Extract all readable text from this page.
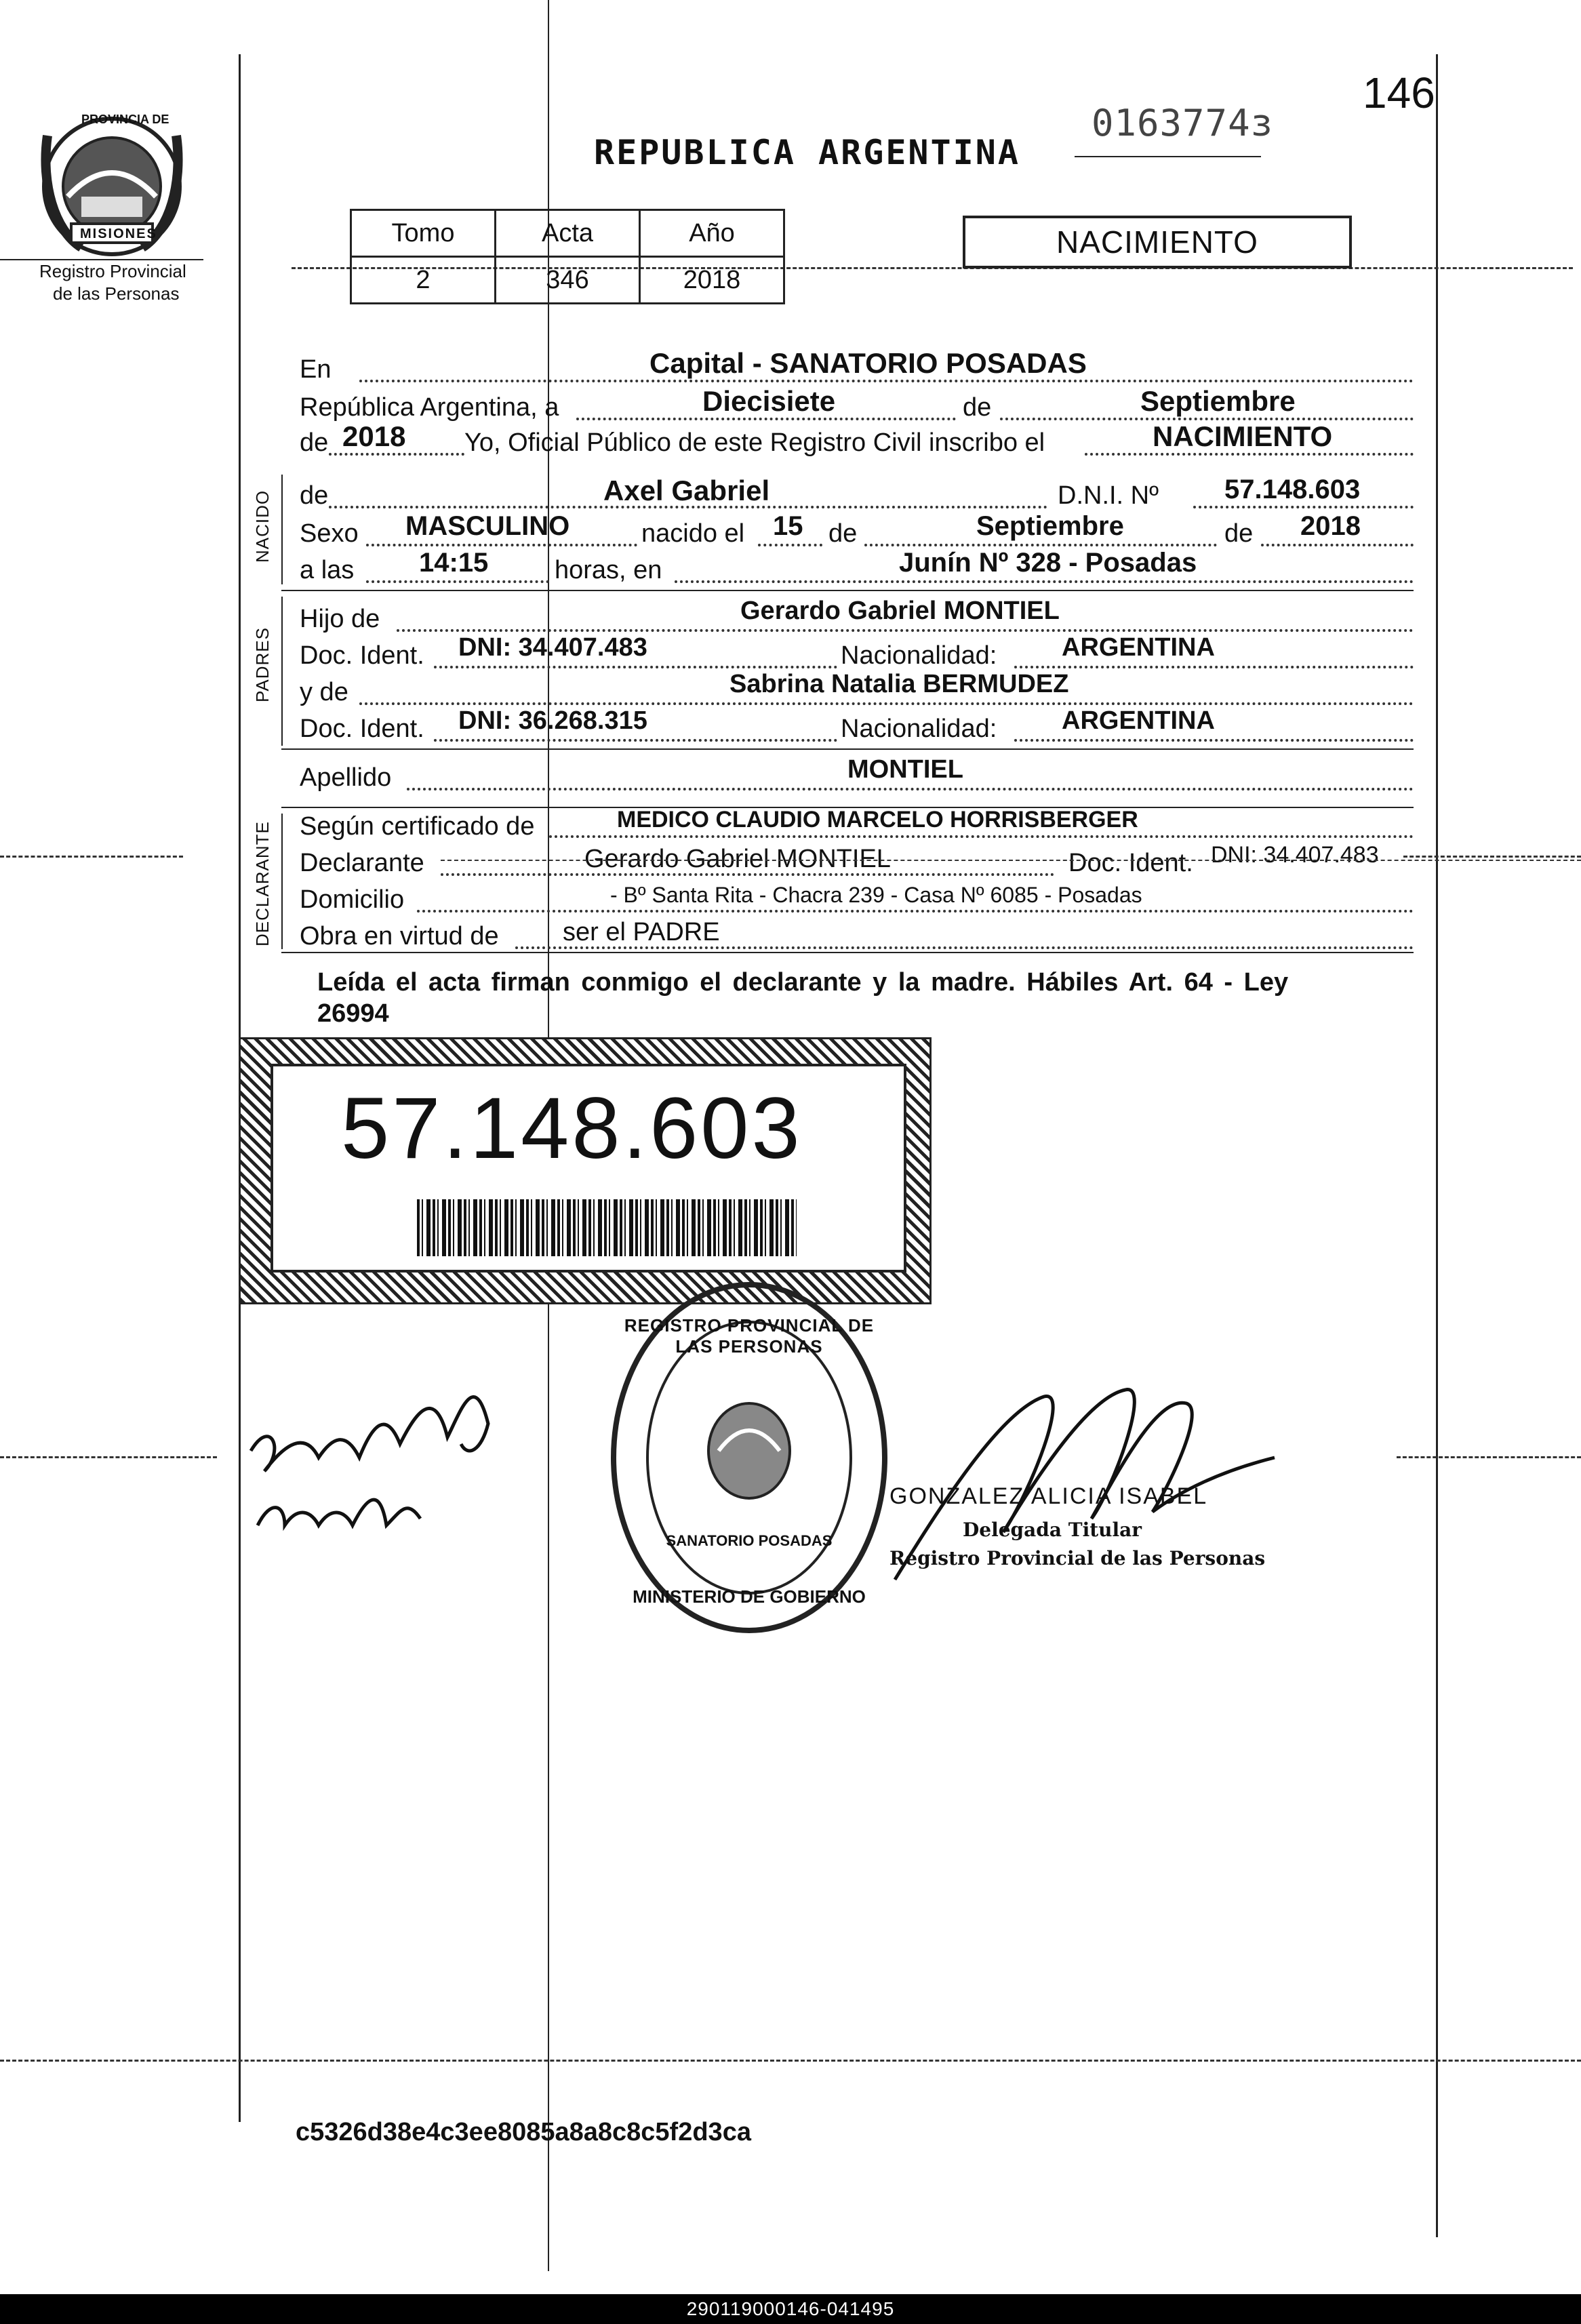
PROVINCIA DE
MISIONES
Registro Provincial
de las Personas
REPUBLICA ARGENTINA
0163774з
146
Tomo	Acta	Año
2	346	2018
NACIMIENTO
En	Capital - SANATORIO POSADAS
República Argentina, a	Diecisiete	de	Septiembre
de 2018 Yo, Oficial Público de este Registro Civil inscribo el	NACIMIENTO
NACIDO de	Axel Gabriel	D.N.I. Nº 57.148.603
Sexo MASCULINO	nacido el 15 de	Septiembre	de 2018
a las 14:15	horas, en	Junín Nº 328 - Posadas
PADRES
Hijo de	Gerardo Gabriel MONTIEL
Doc. Ident. DNI: 34.407.483	Nacionalidad:	ARGENTINA
y de	Sabrina Natalia BERMUDEZ
Doc. Ident. DNI: 36.268.315	Nacionalidad:	ARGENTINA
Apellido	MONTIEL
DECLARANTE Según certificado de	MEDICO CLAUDIO MARCELO HORRISBERGER
Declarante	Gerardo Gabriel MONTIEL	Doc. Ident. DNI: 34.407.483
Domicilio	- Bº Santa Rita - Chacra 239 - Casa Nº 6085 - Posadas
Obra en virtud de ser el PADRE
Leída el acta firman conmigo el declarante y la madre. Hábiles Art. 64 - Ley
26994
57.148.603
REGISTRO PROVINCIAL DE LAS PERSONAS
SANATORIO POSADAS
MINISTERIO DE GOBIERNO
GONZALEZ ALICIA ISABEL
Delegada Titular
Registro Provincial de las Personas
c5326d38e4c3ee8085a8a8c8c5f2d3ca
290119000146-041495
